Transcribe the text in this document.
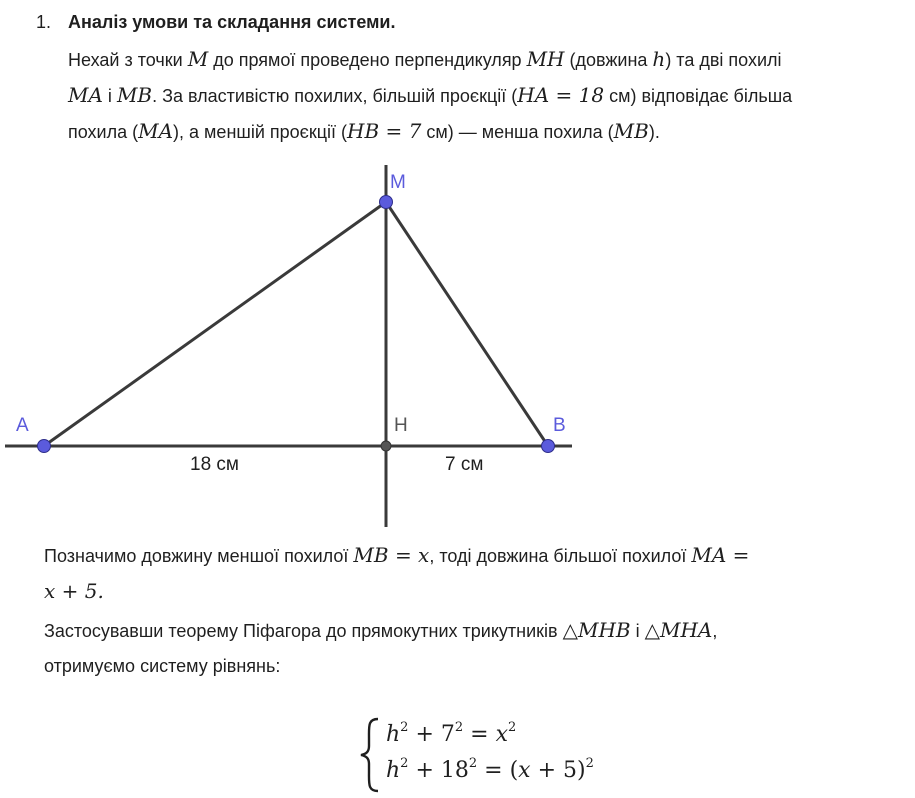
1. Аналіз умови та складання системи.
Нехай з точки M до прямої проведено перпендикуляр MH (довжина h) та дві похилі
MA і MB. За властивістю похилих, більшій проєкції (HA = 18 см) відповідає більша
похила (MA), а меншій проєкції (HB = 7 см) — менша похила (MB).
M
A	H	B
18 см	7 см
Позначимо довжину меншої похилої MB = x, тоді довжина більшої похилої MA =
x + 5.
Застосувавши теорему Піфагора до прямокутних трикутників △MHB і △MHA,
отримуємо систему рівнянь:
$h^2 + 7^2 = x^2$
$h^2 + 18^2 = (x + 5)^2$
